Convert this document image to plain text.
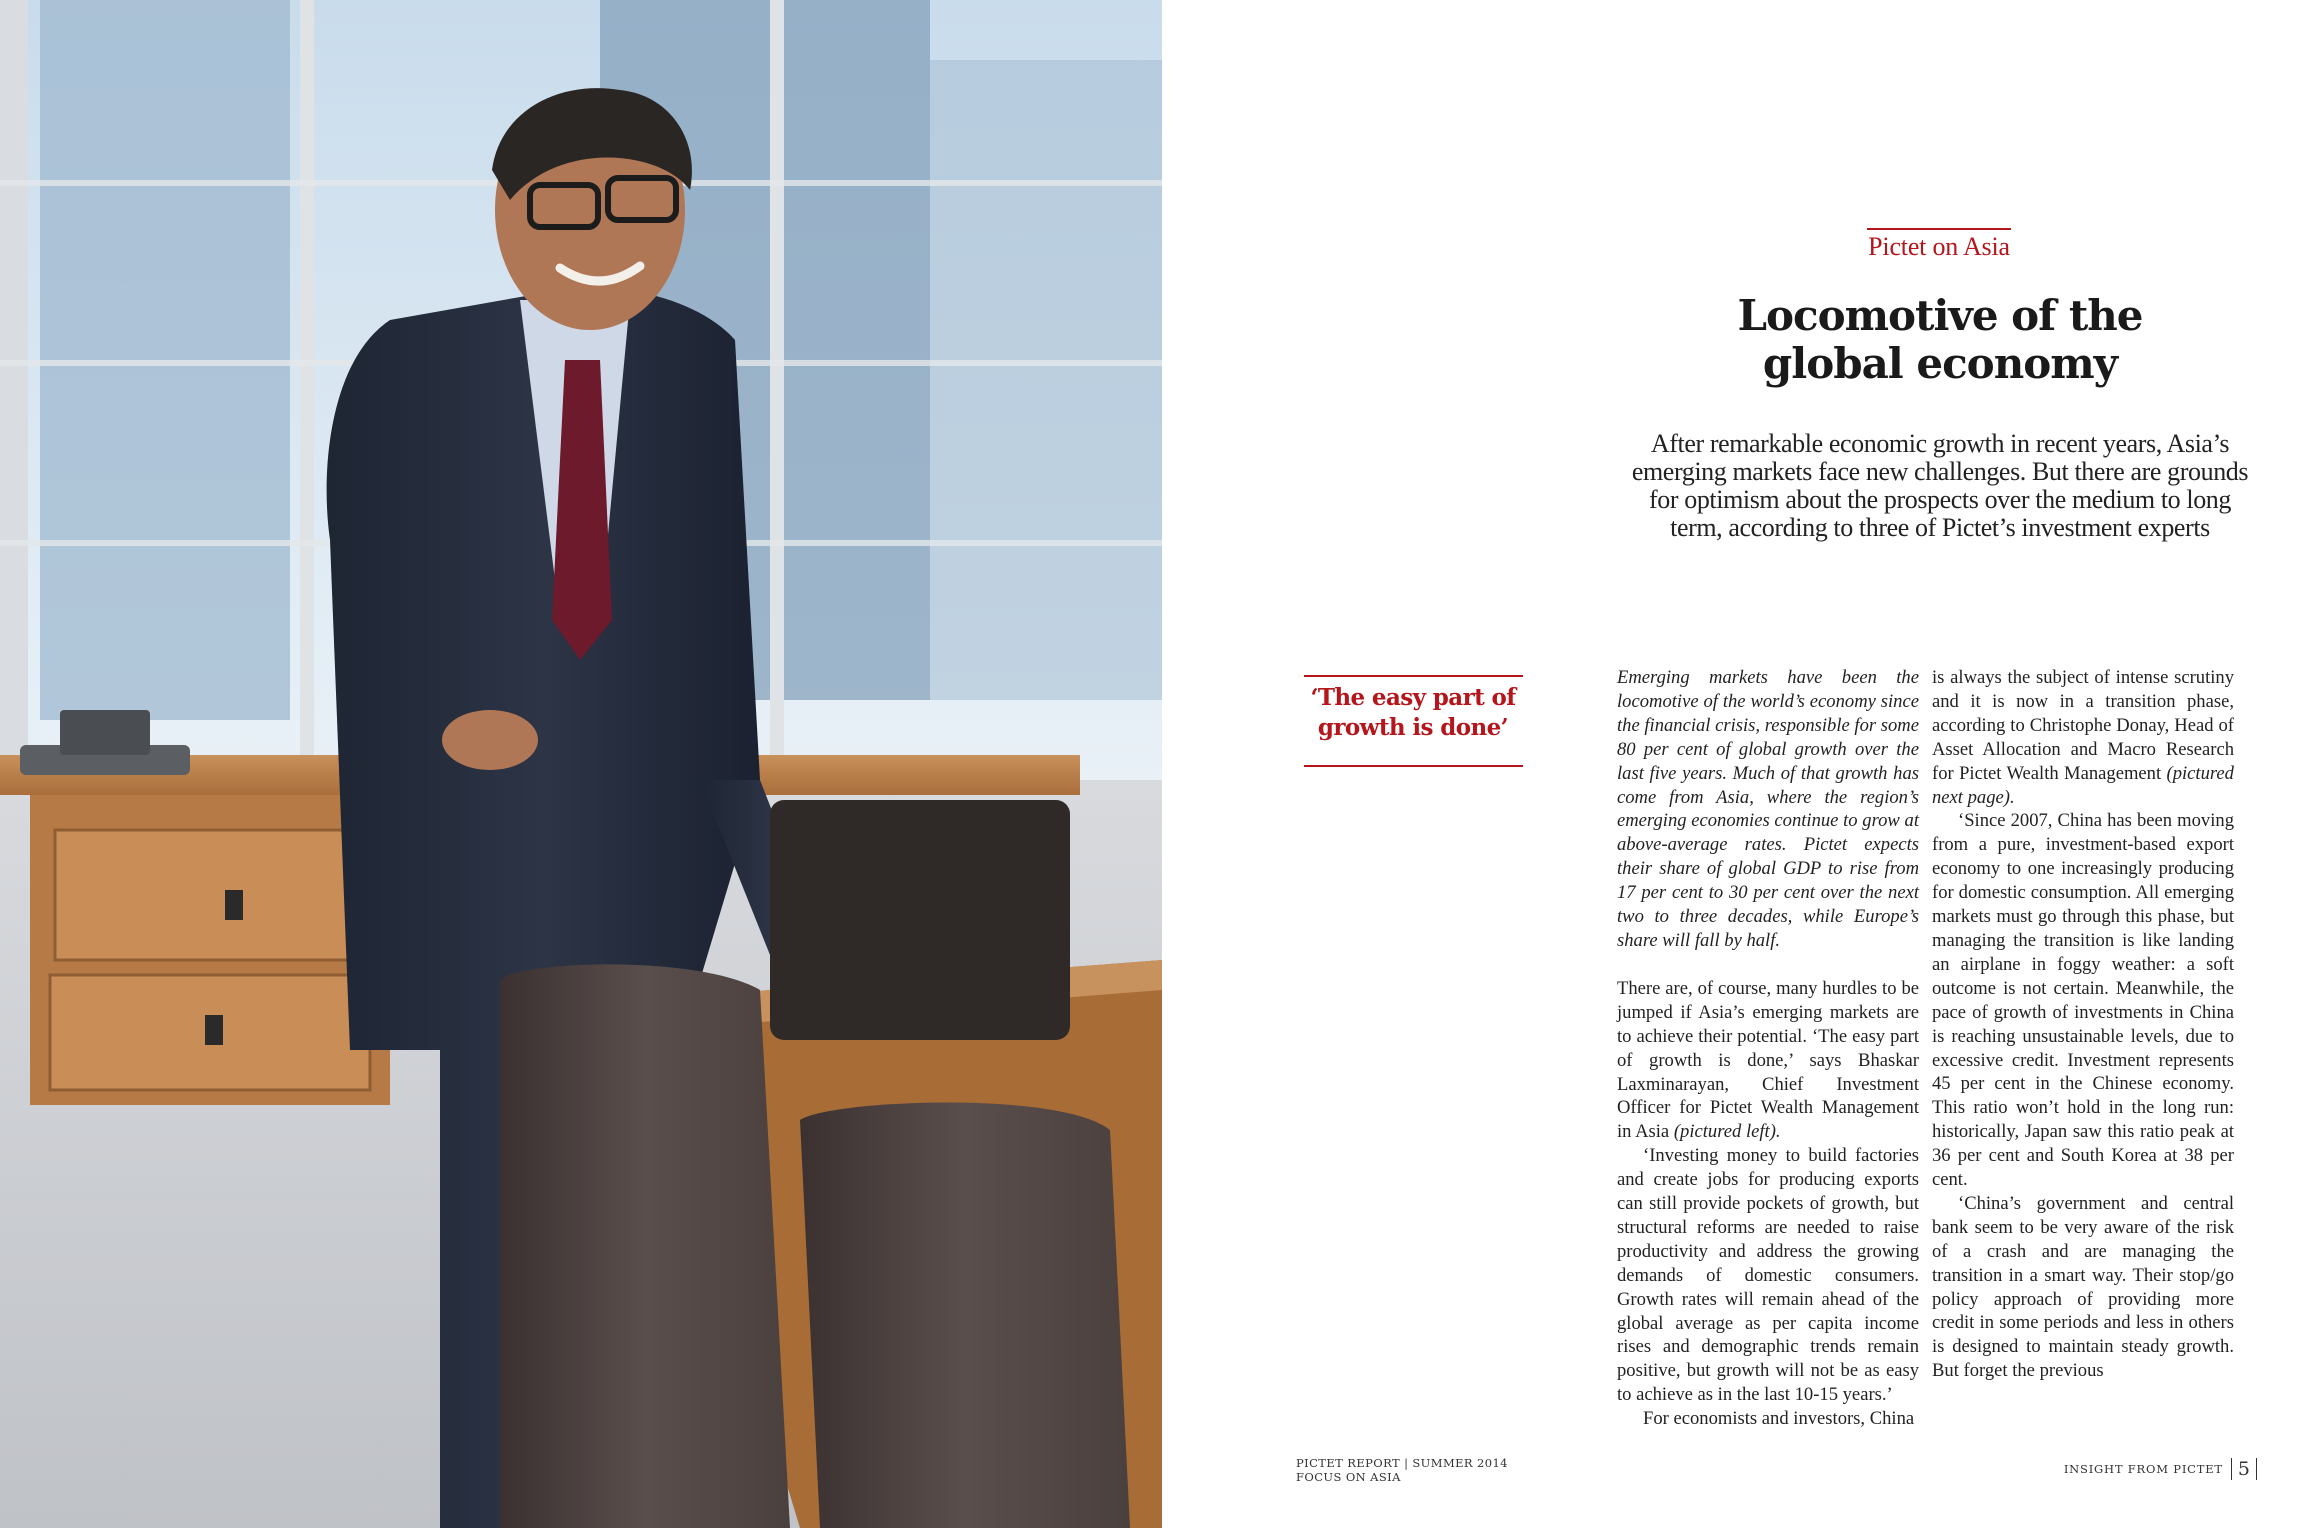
Pictet on Asia
Locomotive of the
global economy
After remarkable economic growth in recent years, Asia’s emerging markets face new challenges. But there are grounds for optimism about the prospects over the medium to long term, according to three of Pictet’s investment experts
‘The easy part of growth is done’

Emerging markets have been the locomotive of the world’s economy since the financial crisis, responsible for some 80 per cent of global growth over the last five years. Much of that growth has come from Asia, where the region’s emerging economies continue to grow at above-average rates. Pictet expects their share of global GDP to rise from 17 per cent to 30 per cent over the next two to three decades, while Europe’s share will fall by half.

There are, of course, many hurdles to be jumped if Asia’s emerging markets are to achieve their potential. ‘The easy part of growth is done,’ says Bhaskar Laxminarayan, Chief Investment Officer for Pictet Wealth Management in Asia (pictured left).

‘Investing money to build factories and create jobs for producing exports can still provide pockets of growth, but structural reforms are needed to raise productivity and address the growing demands of domestic consumers. Growth rates will remain ahead of the global average as per capita income rises and demographic trends remain positive, but growth will not be as easy to achieve as in the last 10-15 years.’

For economists and investors, China

is always the subject of intense scrutiny and it is now in a transition phase, according to Christophe Donay, Head of Asset Allocation and Macro Research for Pictet Wealth Management (pictured next page).

‘Since 2007, China has been moving from a pure, investment-based export economy to one increasingly producing for domestic consumption. All emerging markets must go through this phase, but managing the transition is like landing an airplane in foggy weather: a soft outcome is not certain. Meanwhile, the pace of growth of investments in China is reaching unsustainable levels, due to excessive credit. Investment represents 45 per cent in the Chinese economy. This ratio won’t hold in the long run: historically, Japan saw this ratio peak at 36 per cent and South Korea at 38 per cent.

‘China’s government and central bank seem to be very aware of the risk of a crash and are managing the transition in a smart way. Their stop/go policy approach of providing more credit in some periods and less in others is designed to maintain steady growth. But forget the previous

PICTET REPORT | SUMMER 2014
FOCUS ON ASIA
INSIGHT FROM PICTET 5
